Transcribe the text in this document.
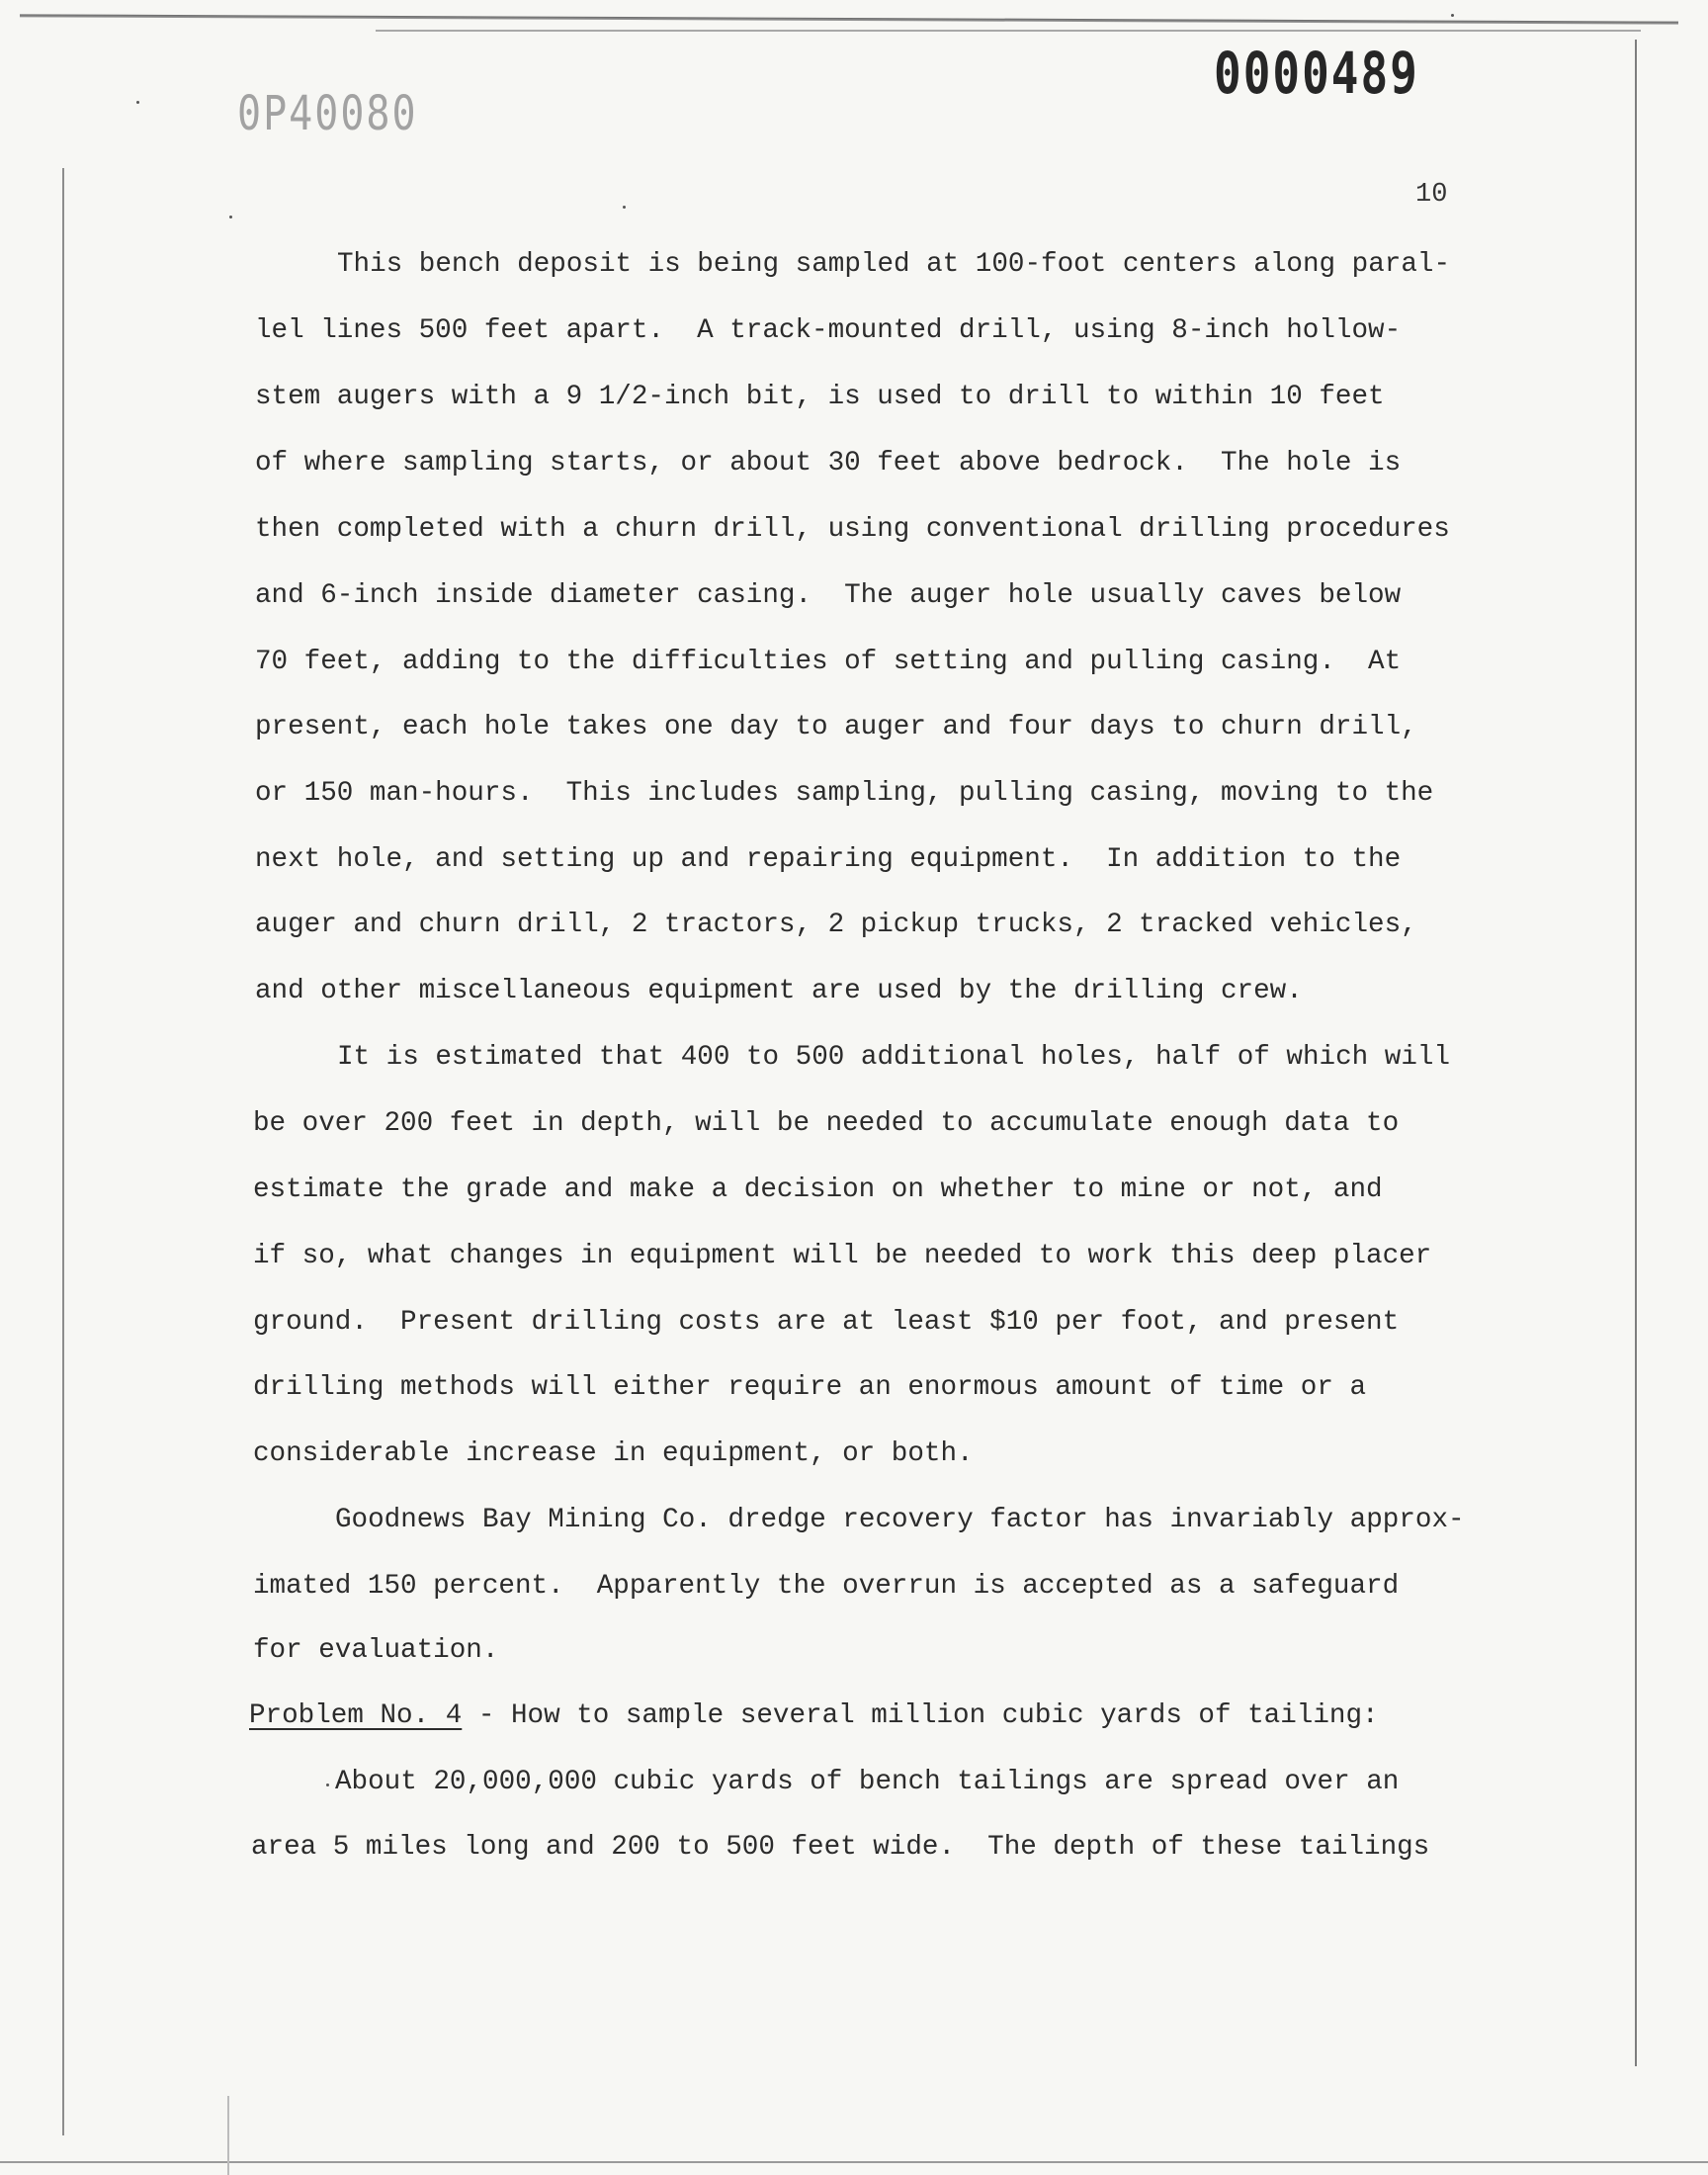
0000489
0P40080
10
This bench deposit is being sampled at 100-foot centers along paral-
lel lines 500 feet apart.  A track-mounted drill, using 8-inch hollow-
stem augers with a 9 1/2-inch bit, is used to drill to within 10 feet
of where sampling starts, or about 30 feet above bedrock.  The hole is
then completed with a churn drill, using conventional drilling procedures
and 6-inch inside diameter casing.  The auger hole usually caves below
70 feet, adding to the difficulties of setting and pulling casing.  At
present, each hole takes one day to auger and four days to churn drill,
or 150 man-hours.  This includes sampling, pulling casing, moving to the
next hole, and setting up and repairing equipment.  In addition to the
auger and churn drill, 2 tractors, 2 pickup trucks, 2 tracked vehicles,
and other miscellaneous equipment are used by the drilling crew.
It is estimated that 400 to 500 additional holes, half of which will
be over 200 feet in depth, will be needed to accumulate enough data to
estimate the grade and make a decision on whether to mine or not, and
if so, what changes in equipment will be needed to work this deep placer
ground.  Present drilling costs are at least $10 per foot, and present
drilling methods will either require an enormous amount of time or a
considerable increase in equipment, or both.
Goodnews Bay Mining Co. dredge recovery factor has invariably approx-
imated 150 percent.  Apparently the overrun is accepted as a safeguard
for evaluation.
Problem No. 4 - How to sample several million cubic yards of tailing:
About 20,000,000 cubic yards of bench tailings are spread over an
area 5 miles long and 200 to 500 feet wide.  The depth of these tailings
